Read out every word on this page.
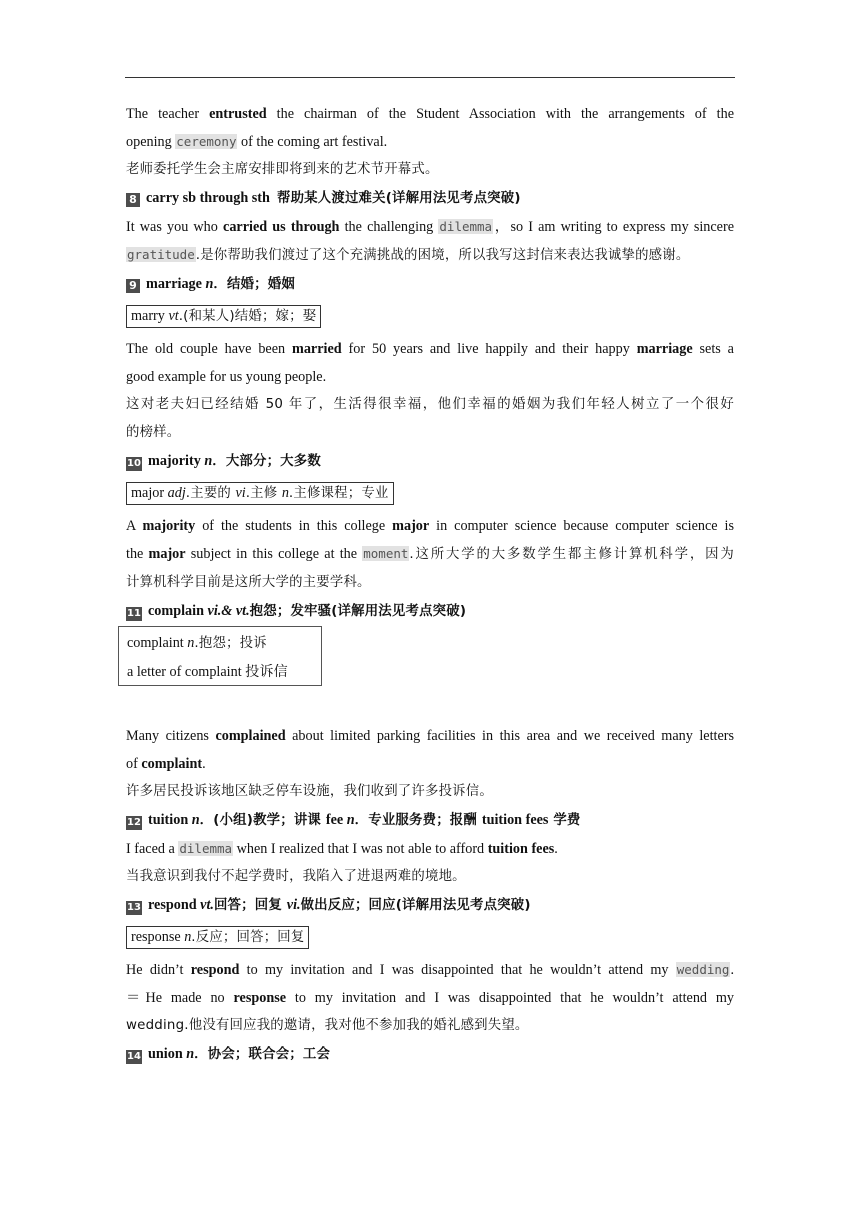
The teacher entrusted the chairman of the Student Association with the arrangements of the
opening ceremony of the coming art festival.
老师委托学生会主席安排即将到来的艺术节开幕式。
8 carry sb through sth 帮助某人渡过难关(详解用法见考点突破)
It was you who carried us through the challenging dilemma，so I am writing to express my sincere
gratitude.是你帮助我们渡过了这个充满挑战的困境，所以我写这封信来表达我诚挚的感谢。
9 marriage n．结婚；婚姻
marry vt.(和某人)结婚；嫁；娶
The old couple have been married for 50 years and live happily and their happy marriage sets a
good example for us young people.
这对老夫妇已经结婚 50 年了，生活得很幸福，他们幸福的婚姻为我们年轻人树立了一个很好
的榜样。
10 majority n．大部分；大多数
major adj.主要的 vi.主修 n.主修课程；专业
A majority of the students in this college major in computer science because computer science is
the major subject in this college at the moment.这所大学的大多数学生都主修计算机科学，因为
计算机科学目前是这所大学的主要学科。
11 complain vi.& vt.抱怨；发牢骚(详解用法见考点突破)
complaint n.抱怨；投诉
a letter of complaint 投诉信
Many citizens complained about limited parking facilities in this area and we received many letters
of complaint.
许多居民投诉该地区缺乏停车设施，我们收到了许多投诉信。
12 tuition n．(小组)教学；讲课 fee n．专业服务费；报酬 tuition fees 学费
I faced a dilemma when I realized that I was not able to afford tuition fees.
当我意识到我付不起学费时，我陷入了进退两难的境地。
13 respond vt.回答；回复 vi.做出反应；回应(详解用法见考点突破)
response n.反应；回答；回复
He didn’t respond to my invitation and I was disappointed that he wouldn’t attend my wedding.
＝He made no response to my invitation and I was disappointed that he wouldn’t attend my
wedding.他没有回应我的邀请，我对他不参加我的婚礼感到失望。
14 union n．协会；联合会；工会
